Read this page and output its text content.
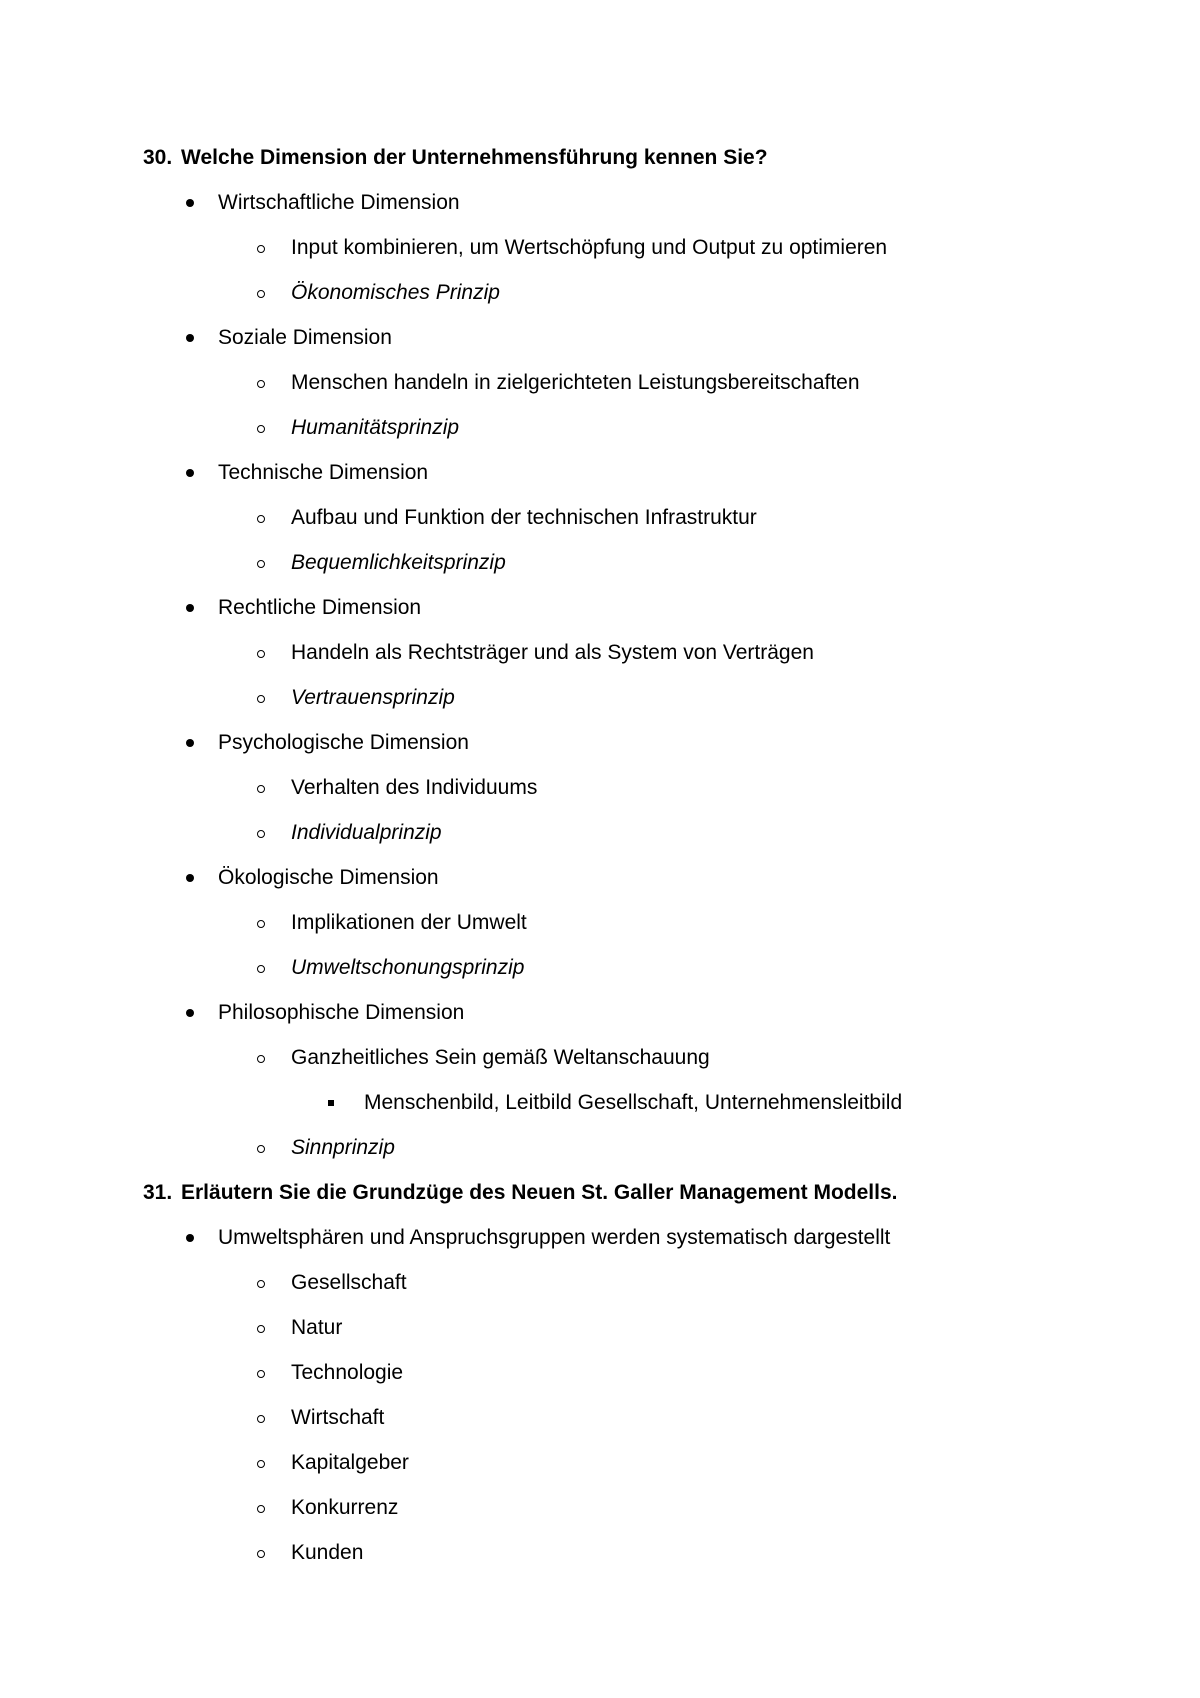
30. Welche Dimension der Unternehmensführung kennen Sie?
Wirtschaftliche Dimension
Input kombinieren, um Wertschöpfung und Output zu optimieren
Ökonomisches Prinzip
Soziale Dimension
Menschen handeln in zielgerichteten Leistungsbereitschaften
Humanitätsprinzip
Technische Dimension
Aufbau und Funktion der technischen Infrastruktur
Bequemlichkeitsprinzip
Rechtliche Dimension
Handeln als Rechtsträger und als System von Verträgen
Vertrauensprinzip
Psychologische Dimension
Verhalten des Individuums
Individualprinzip
Ökologische Dimension
Implikationen der Umwelt
Umweltschonungsprinzip
Philosophische Dimension
Ganzheitliches Sein gemäß Weltanschauung
Menschenbild, Leitbild Gesellschaft, Unternehmensleitbild
Sinnprinzip
31. Erläutern Sie die Grundzüge des Neuen St. Galler Management Modells.
Umweltsphären und Anspruchsgruppen werden systematisch dargestellt
Gesellschaft
Natur
Technologie
Wirtschaft
Kapitalgeber
Konkurrenz
Kunden
